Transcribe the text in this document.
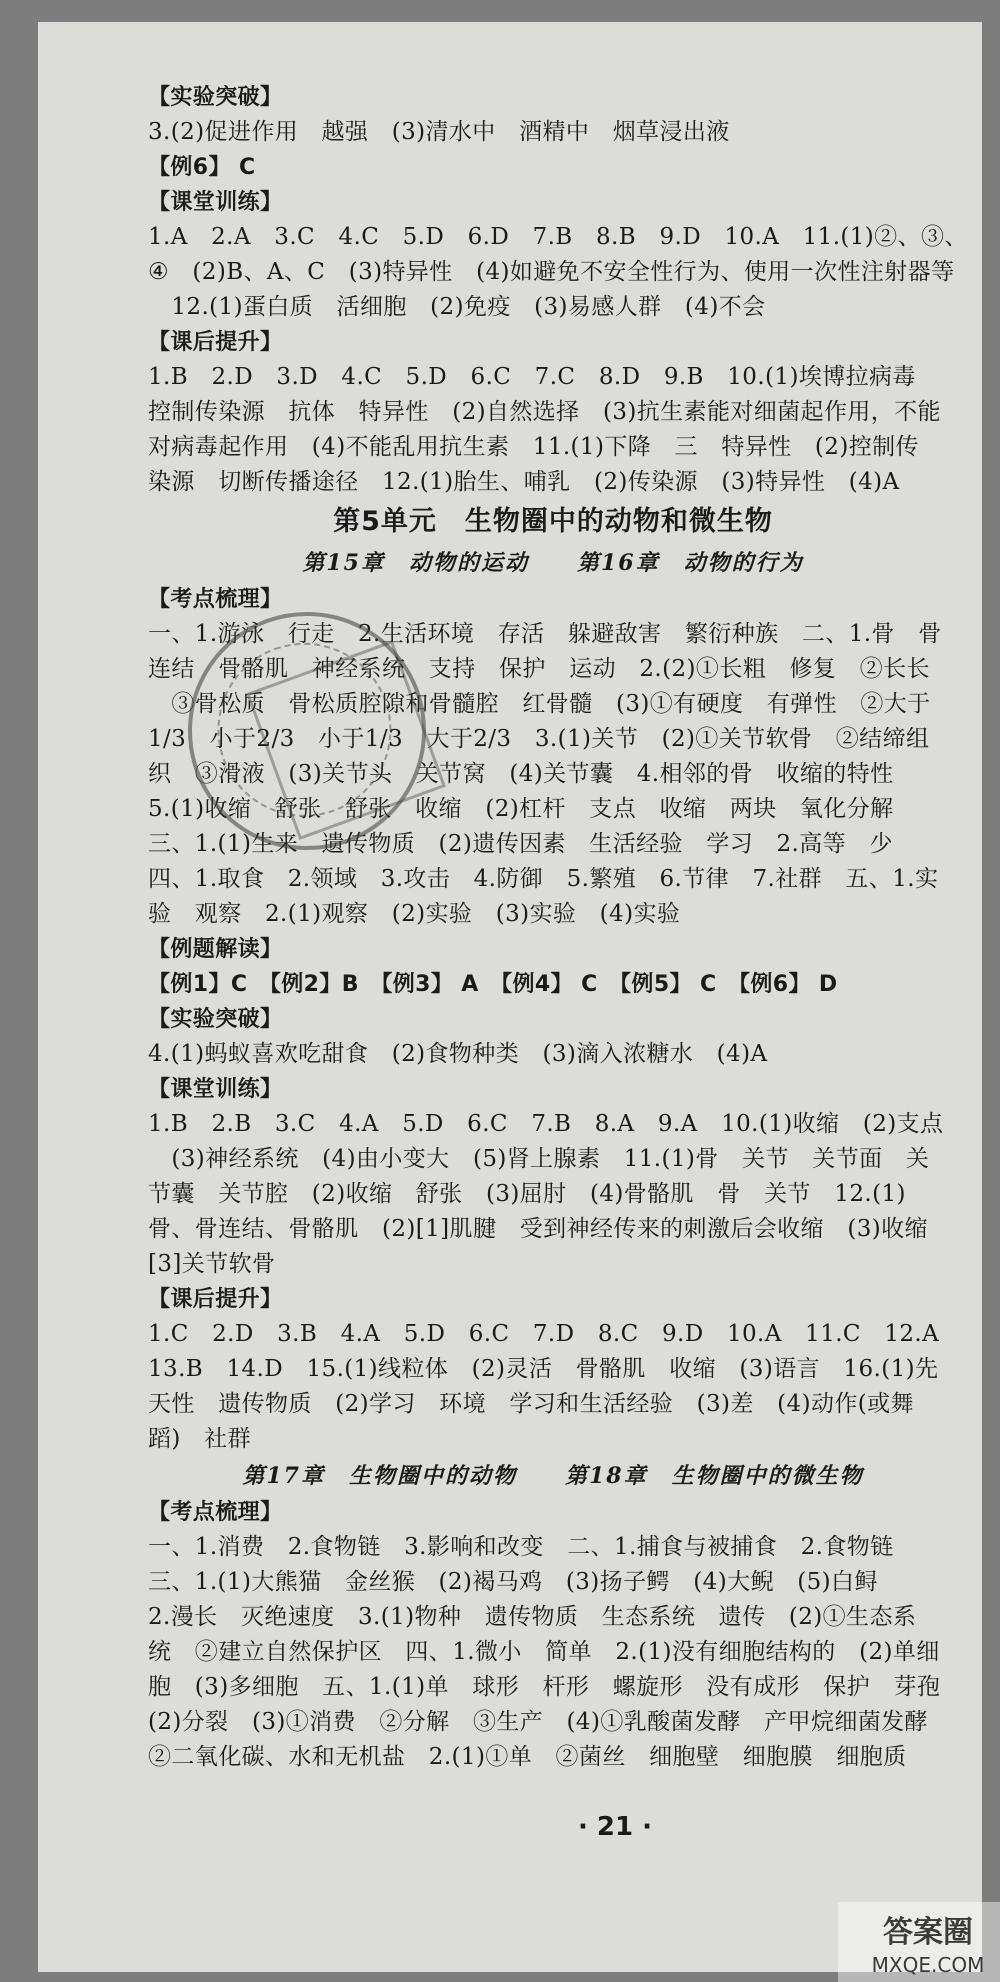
【实验突破】
3.(2)促进作用　越强　(3)清水中　酒精中　烟草浸出液
【例6】 C
【课堂训练】
1.A　2.A　3.C　4.C　5.D　6.D　7.B　8.B　9.D　10.A　11.(1)②、③、
④　(2)B、A、C　(3)特异性　(4)如避免不安全性行为、使用一次性注射器等
　12.(1)蛋白质　活细胞　(2)免疫　(3)易感人群　(4)不会
【课后提升】
1.B　2.D　3.D　4.C　5.D　6.C　7.C　8.D　9.B　10.(1)埃博拉病毒
控制传染源　抗体　特异性　(2)自然选择　(3)抗生素能对细菌起作用，不能
对病毒起作用　(4)不能乱用抗生素　11.(1)下降　三　特异性　(2)控制传
染源　切断传播途径　12.(1)胎生、哺乳　(2)传染源　(3)特异性　(4)A
第5单元　生物圈中的动物和微生物
第15章　动物的运动　　第16章　动物的行为
【考点梳理】
一、1.游泳　行走　2.生活环境　存活　躲避敌害　繁衍种族　二、1.骨　骨
连结　骨骼肌　神经系统　支持　保护　运动　2.(2)①长粗　修复　②长长
　③骨松质　骨松质腔隙和骨髓腔　红骨髓　(3)①有硬度　有弹性　②大于
1/3　小于2/3　小于1/3　大于2/3　3.(1)关节　(2)①关节软骨　②结缔组
织　③滑液　(3)关节头　关节窝　(4)关节囊　4.相邻的骨　收缩的特性
5.(1)收缩　舒张　舒张　收缩　(2)杠杆　支点　收缩　两块　氧化分解
三、1.(1)生来　遗传物质　(2)遗传因素　生活经验　学习　2.高等　少
四、1.取食　2.领域　3.攻击　4.防御　5.繁殖　6.节律　7.社群　五、1.实
验　观察　2.(1)观察　(2)实验　(3)实验　(4)实验
【例题解读】
【例1】C　【例2】B　【例3】 A　【例4】 C　【例5】 C　【例6】 D
【实验突破】
4.(1)蚂蚁喜欢吃甜食　(2)食物种类　(3)滴入浓糖水　(4)A
【课堂训练】
1.B　2.B　3.C　4.A　5.D　6.C　7.B　8.A　9.A　10.(1)收缩　(2)支点
　(3)神经系统　(4)由小变大　(5)肾上腺素　11.(1)骨　关节　关节面　关
节囊　关节腔　(2)收缩　舒张　(3)屈肘　(4)骨骼肌　骨　关节　12.(1)
骨、骨连结、骨骼肌　(2)[1]肌腱　受到神经传来的刺激后会收缩　(3)收缩
[3]关节软骨
【课后提升】
1.C　2.D　3.B　4.A　5.D　6.C　7.D　8.C　9.D　10.A　11.C　12.A
13.B　14.D　15.(1)线粒体　(2)灵活　骨骼肌　收缩　(3)语言　16.(1)先
天性　遗传物质　(2)学习　环境　学习和生活经验　(3)差　(4)动作(或舞
蹈)　社群
第17章　生物圈中的动物　　第18章　生物圈中的微生物
【考点梳理】
一、1.消费　2.食物链　3.影响和改变　二、1.捕食与被捕食　2.食物链
三、1.(1)大熊猫　金丝猴　(2)褐马鸡　(3)扬子鳄　(4)大鲵　(5)白鲟
2.漫长　灭绝速度　3.(1)物种　遗传物质　生态系统　遗传　(2)①生态系
统　②建立自然保护区　四、1.微小　简单　2.(1)没有细胞结构的　(2)单细
胞　(3)多细胞　五、1.(1)单　球形　杆形　螺旋形　没有成形　保护　芽孢
(2)分裂　(3)①消费　②分解　③生产　(4)①乳酸菌发酵　产甲烷细菌发酵
②二氧化碳、水和无机盐　2.(1)①单　②菌丝　细胞壁　细胞膜　细胞质
· 21 ·
答案圈
MXQE.COM
